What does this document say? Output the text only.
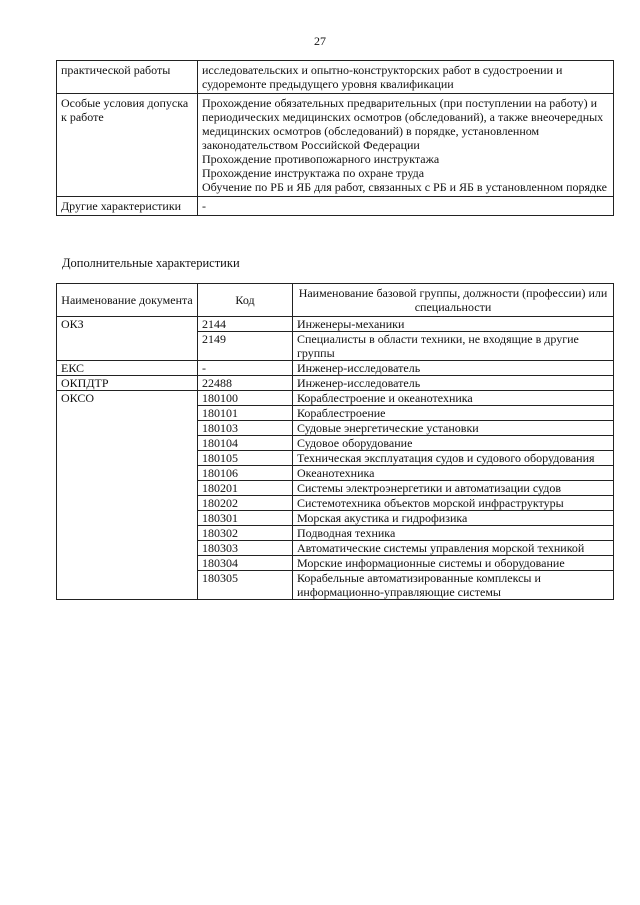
27
практической работы	исследовательских и опытно-конструкторских работ в судостроении и судоремонте предыдущего уровня квалификации

Особые условия допуска к работе	Прохождение обязательных предварительных (при поступлении на работу) и периодических медицинских осмотров (обследований), а также внеочередных медицинских осмотров (обследований) в порядке, установленном законодательством Российской Федерации
Прохождение противопожарного инструктажа
Прохождение инструктажа по охране труда
Обучение по РБ и ЯБ для работ, связанных с РБ и ЯБ в установленном порядке

Другие характеристики	-
Дополнительные характеристики
Наименование документа	Код	Наименование базовой группы, должности (профессии) или специальности
ОКЗ	2144	Инженеры-механики
	2149	Специалисты в области техники, не входящие в другие группы
ЕКС	-	Инженер-исследователь
ОКПДТР	22488	Инженер-исследователь
ОКСО	180100	Кораблестроение и океанотехника
	180101	Кораблестроение
	180103	Судовые энергетические установки
	180104	Судовое оборудование
	180105	Техническая эксплуатация судов и судового оборудования
	180106	Океанотехника
	180201	Системы электроэнергетики и автоматизации судов
	180202	Системотехника объектов морской инфраструктуры
	180301	Морская акустика и гидрофизика
	180302	Подводная техника
	180303	Автоматические системы управления морской техникой
	180304	Морские информационные системы и оборудование
	180305	Корабельные автоматизированные комплексы и информационно-управляющие системы
